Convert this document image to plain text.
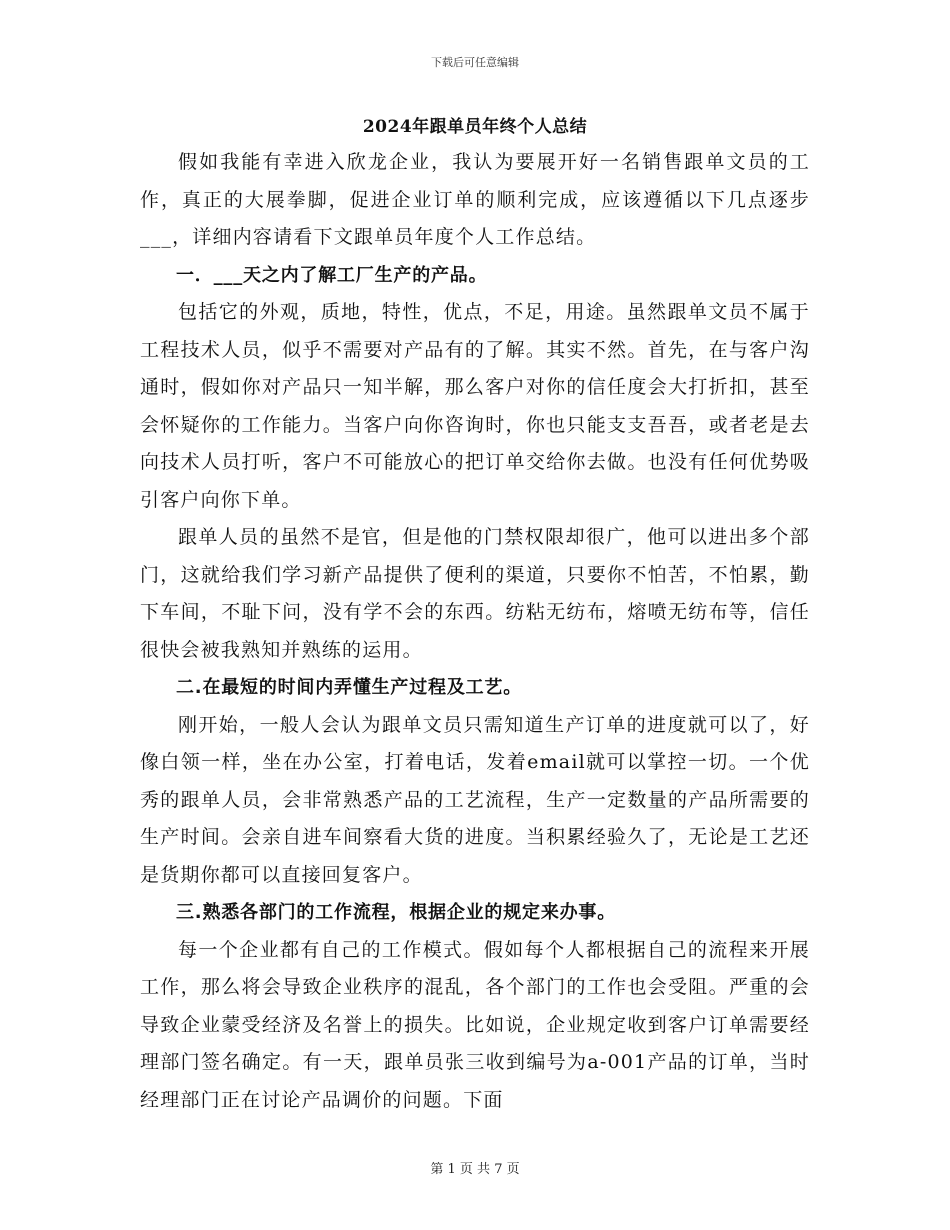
下载后可任意编辑
2024年跟单员年终个人总结

假如我能有幸进入欣龙企业，我认为要展开好一名销售跟单文员的工作，真正的大展拳脚，促进企业订单的顺利完成，应该遵循以下几点逐步___，详细内容请看下文跟单员年度个人工作总结。

一．___天之内了解工厂生产的产品。

包括它的外观，质地，特性，优点，不足，用途。虽然跟单文员不属于工程技术人员，似乎不需要对产品有的了解。其实不然。首先，在与客户沟通时，假如你对产品只一知半解，那么客户对你的信任度会大打折扣，甚至会怀疑你的工作能力。当客户向你咨询时，你也只能支支吾吾，或者老是去向技术人员打听，客户不可能放心的把订单交给你去做。也没有任何优势吸引客户向你下单。

跟单人员的虽然不是官，但是他的门禁权限却很广，他可以进出多个部门，这就给我们学习新产品提供了便利的渠道，只要你不怕苦，不怕累，勤下车间，不耻下问，没有学不会的东西。纺粘无纺布，熔喷无纺布等，信任很快会被我熟知并熟练的运用。

二.在最短的时间内弄懂生产过程及工艺。

刚开始，一般人会认为跟单文员只需知道生产订单的进度就可以了，好像白领一样，坐在办公室，打着电话，发着email就可以掌控一切。一个优秀的跟单人员，会非常熟悉产品的工艺流程，生产一定数量的产品所需要的生产时间。会亲自进车间察看大货的进度。当积累经验久了，无论是工艺还是货期你都可以直接回复客户。

三.熟悉各部门的工作流程，根据企业的规定来办事。

每一个企业都有自己的工作模式。假如每个人都根据自己的流程来开展工作，那么将会导致企业秩序的混乱，各个部门的工作也会受阻。严重的会导致企业蒙受经济及名誉上的损失。比如说，企业规定收到客户订单需要经理部门签名确定。有一天，跟单员张三收到编号为a-001产品的订单，当时经理部门正在讨论产品调价的问题。下面

第 1 页 共 7 页
